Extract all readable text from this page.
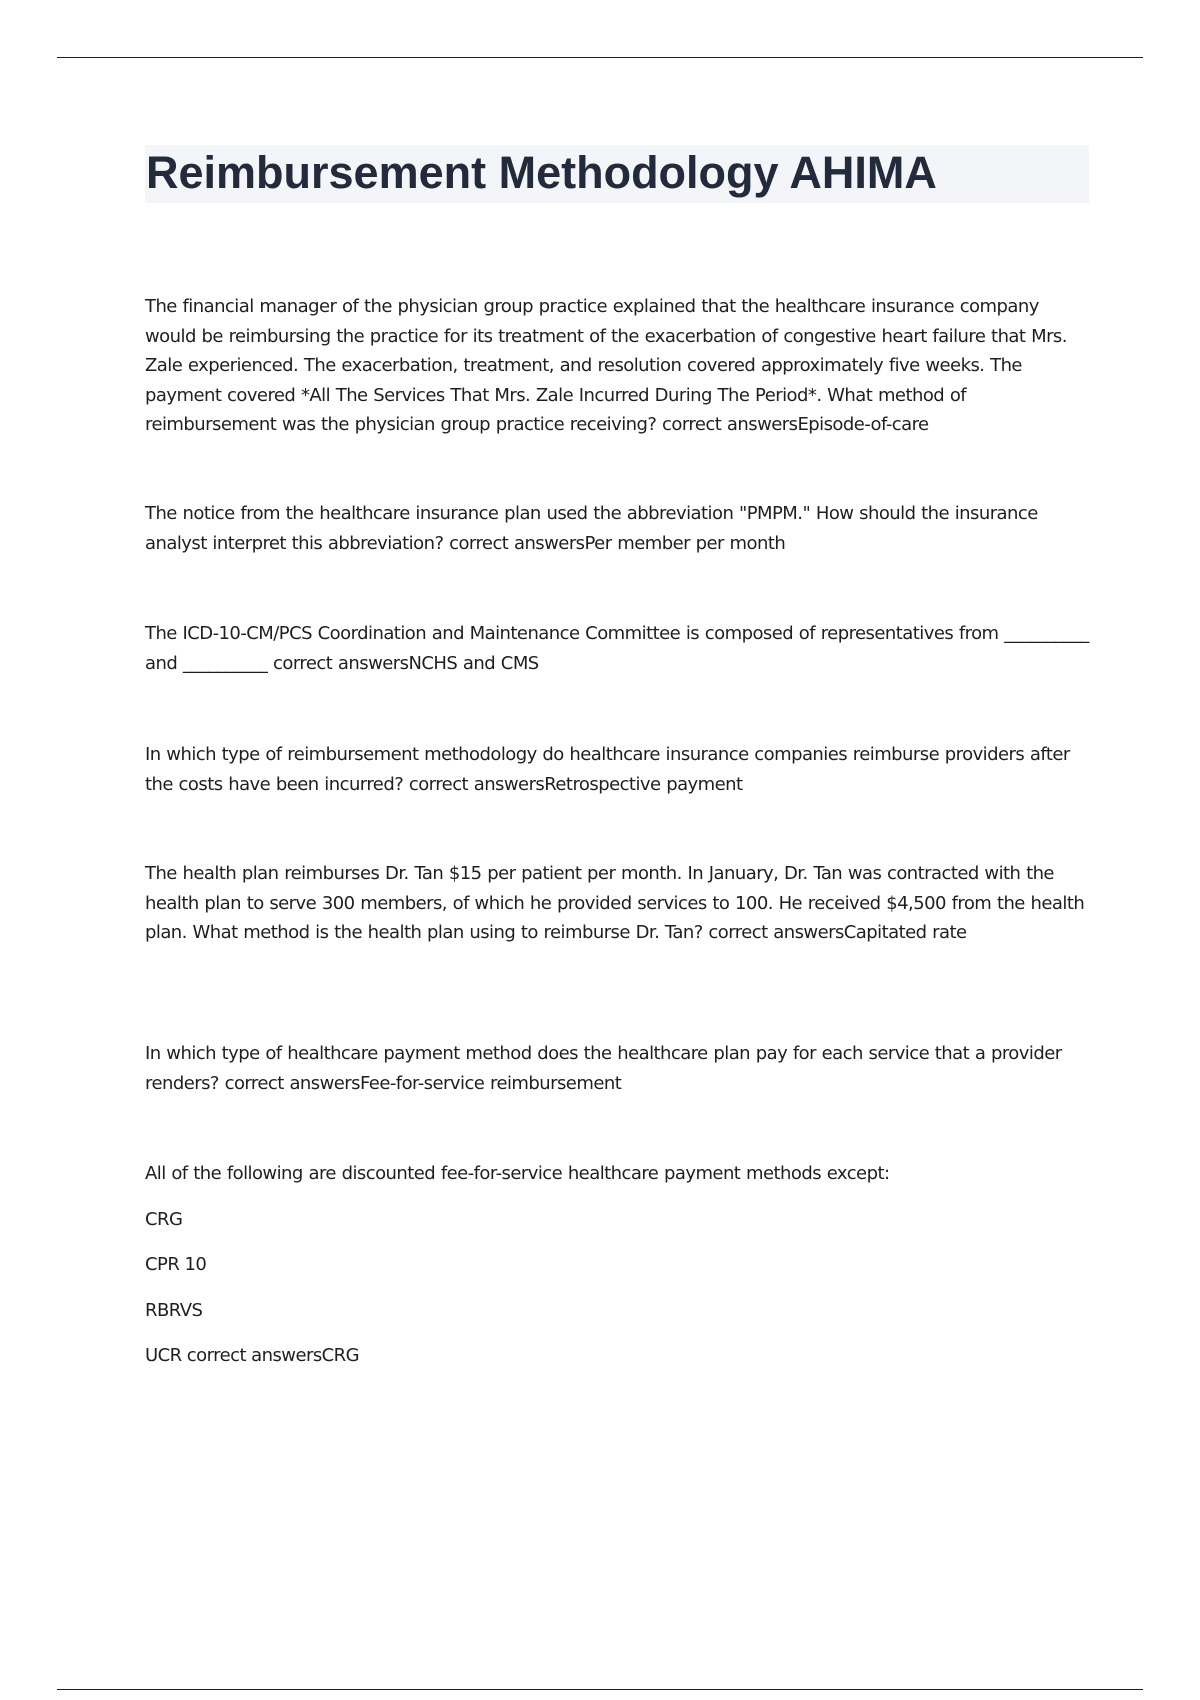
Reimbursement Methodology AHIMA

The financial manager of the physician group practice explained that the healthcare insurance company would be reimbursing the practice for its treatment of the exacerbation of congestive heart failure that Mrs. Zale experienced. The exacerbation, treatment, and resolution covered approximately five weeks. The payment covered *All The Services That Mrs. Zale Incurred During The Period*. What method of reimbursement was the physician group practice receiving? correct answersEpisode-of-care

The notice from the healthcare insurance plan used the abbreviation "PMPM." How should the insurance analyst interpret this abbreviation? correct answersPer member per month

The ICD-10-CM/PCS Coordination and Maintenance Committee is composed of representatives from __________ and __________ correct answersNCHS and CMS

In which type of reimbursement methodology do healthcare insurance companies reimburse providers after the costs have been incurred? correct answersRetrospective payment

The health plan reimburses Dr. Tan $15 per patient per month. In January, Dr. Tan was contracted with the health plan to serve 300 members, of which he provided services to 100. He received $4,500 from the health plan. What method is the health plan using to reimburse Dr. Tan? correct answersCapitated rate

In which type of healthcare payment method does the healthcare plan pay for each service that a provider renders? correct answersFee-for-service reimbursement

All of the following are discounted fee-for-service healthcare payment methods except:

CRG

CPR 10

RBRVS

UCR correct answersCRG
